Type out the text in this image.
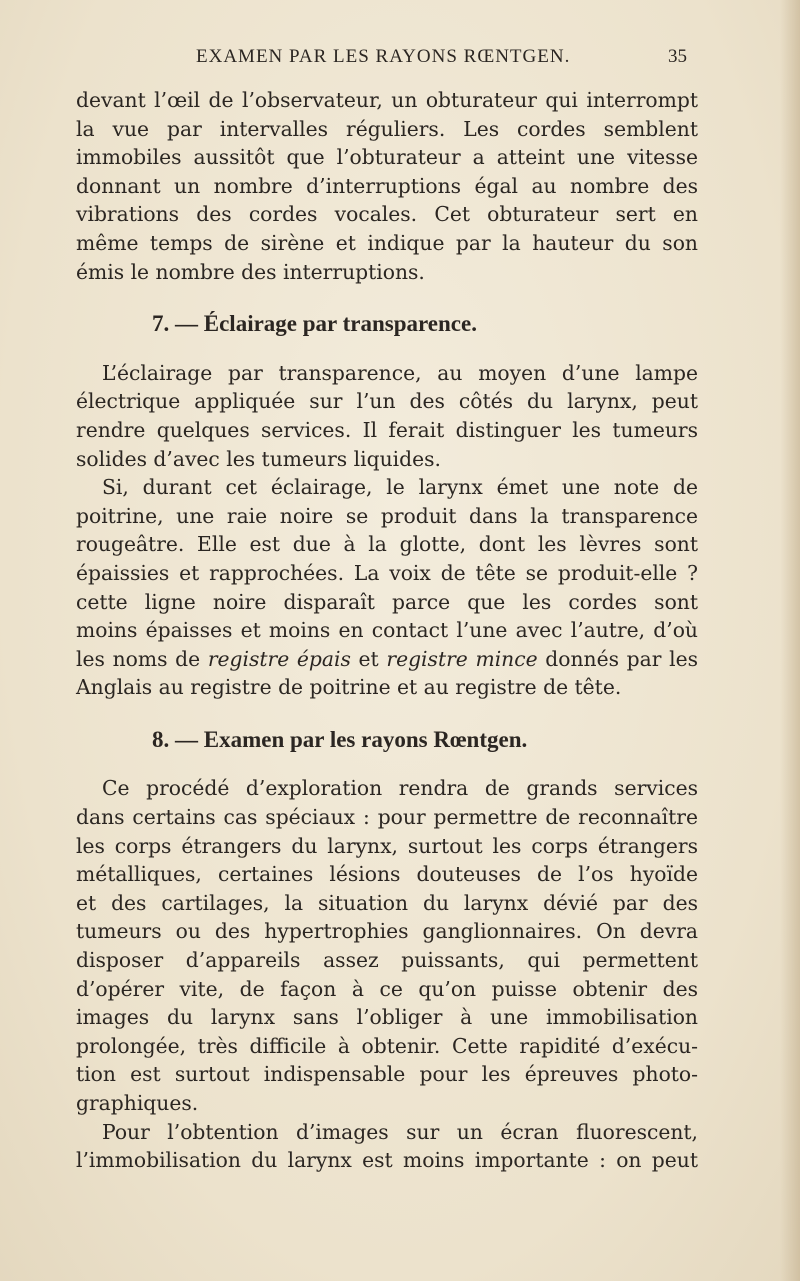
EXAMEN PAR LES RAYONS RŒNTGEN.	35
devant l’œil de l’observateur, un obturateur qui interrompt
la vue par intervalles réguliers. Les cordes semblent
immobiles aussitôt que l’obturateur a atteint une vitesse
donnant un nombre d’interruptions égal au nombre des
vibrations des cordes vocales. Cet obturateur sert en
même temps de sirène et indique par la hauteur du son
émis le nombre des interruptions.
7. — Éclairage par transparence.
L’éclairage par transparence, au moyen d’une lampe
électrique appliquée sur l’un des côtés du larynx, peut
rendre quelques services. Il ferait distinguer les tumeurs
solides d’avec les tumeurs liquides.
Si, durant cet éclairage, le larynx émet une note de
poitrine, une raie noire se produit dans la transparence
rougeâtre. Elle est due à la glotte, dont les lèvres sont
épaissies et rapprochées. La voix de tête se produit-elle ?
cette ligne noire disparaît parce que les cordes sont
moins épaisses et moins en contact l’une avec l’autre, d’où
les noms de registre épais et registre mince donnés par les
Anglais au registre de poitrine et au registre de tête.
8. — Examen par les rayons Rœntgen.
Ce procédé d’exploration rendra de grands services
dans certains cas spéciaux : pour permettre de reconnaître
les corps étrangers du larynx, surtout les corps étrangers
métalliques, certaines lésions douteuses de l’os hyoïde
et des cartilages, la situation du larynx dévié par des
tumeurs ou des hypertrophies ganglionnaires. On devra
disposer d’appareils assez puissants, qui permettent
d’opérer vite, de façon à ce qu’on puisse obtenir des
images du larynx sans l’obliger à une immobilisation
prolongée, très difficile à obtenir. Cette rapidité d’exécu-
tion est surtout indispensable pour les épreuves photo-
graphiques.
Pour l’obtention d’images sur un écran fluorescent,
l’immobilisation du larynx est moins importante : on peut
